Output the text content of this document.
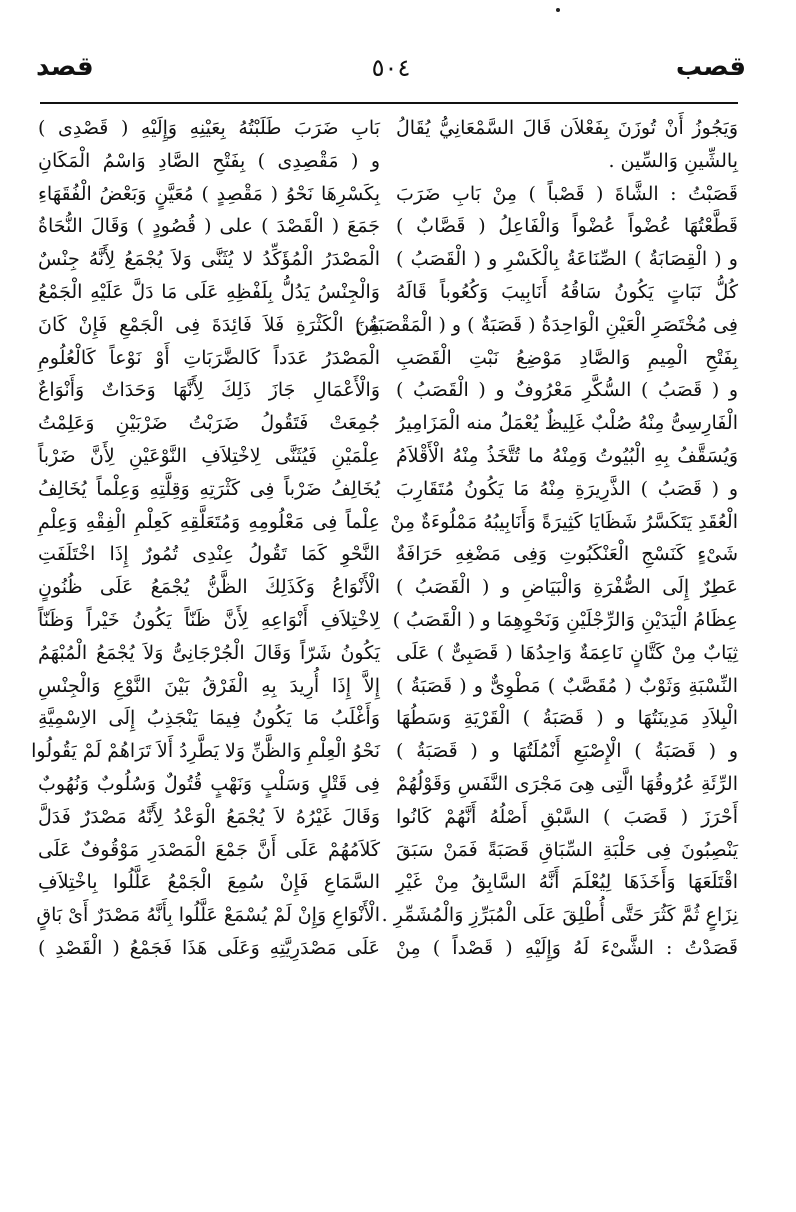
قصب
٥٠٤
قصد
وَيَجُوزُ أَنْ تُوزَنَ بِفَعْلاَن قَالَ السَّمْعَانِيُّ يُقَالُ
بِالشِّينِ وَالسِّين .
قَصَبْتُ : الشَّاةَ ( قَصْباً ) مِنْ بَابِ ضَرَبَ
قَطَّعْتُهَا عُضْواً عُضْواً وَالْفَاعِلُ ( قَصَّابٌ )
و ( الْقِصَابَةُ ) الصِّنَاعَةُ بِالْكَسْرِ و ( الْقَصَبُ )
كُلُّ نَبَاتٍ يَكُونُ سَاقُهُ أَنَابِيبَ وَكُعُوباً قَالَهُ
فِى مُخْتَصَرِ الْعَيْنِ الْوَاحِدَةُ ( قَصَبَةٌ ) و ( الْمَقْصَبَةُ )
بِفَتْحِ الْمِيمِ وَالصَّادِ مَوْضِعُ نَبْتِ الْقَصَبِ
و ( قَصَبُ ) السُّكَّرِ مَعْرُوفٌ و ( الْقَصَبُ )
الْفَارِسِىُّ مِنْهُ صُلْبٌ غَلِيظٌ يُعْمَلُ منه الْمَزَامِيرُ
وَيُسَقَّفُ بِهِ الْبُيُوتُ وَمِنْهُ ما تُتَّخَذُ مِنْهُ الْأَقْلاَمُ
و ( قَصَبُ ) الذَّرِيرَةِ مِنْهُ مَا يَكُونُ مُتَقَارِبَ
الْعُقَدِ يَتَكَسَّرُ شَظَايَا كَثِيرَةً وَأَنَابِيبُهُ مَمْلُوءَةٌ مِنْ
شَىْءٍ كَنَسْجِ الْعَنْكَبُوتِ وَفِى مَضْغِهِ حَرَافَةٌ
عَطِرٌ إِلَى الصُّفْرَةِ وَالْبَيَاضِ و ( الْقَصَبُ )
عِظَامُ الْيَدَيْنِ وَالرِّجْلَيْنِ وَنَحْوِهِمَا و ( الْقَصَبُ )
ثِيَابٌ مِنْ كَتَّانٍ نَاعِمَةٌ وَاحِدُهَا ( قَصَبِىٌّ ) عَلَى
النِّسْبَةِ وَثَوْبٌ ( مُقَصَّبٌ ) مَطْوِىٌّ و ( قَصَبَةُ )
الْبِلاَدِ مَدِينَتُهَا و ( قَصَبَةُ ) الْقَرْيَةِ وَسَطُهَا
و ( قَصَبَةُ ) الْإِصْبَعِ أَنْمُلَتُهَا و ( قَصَبَةُ )
الرِّئَةِ عُرُوقُهَا الَّتِى هِىَ مَجْرَى النَّفَسِ وَقَوْلُهُمْ
أَحْرَزَ ( قَصَبَ ) السَّبْقِ أَصْلُهُ أَنَّهُمْ كَانُوا
يَنْصِبُونَ فِى حَلْبَةِ السِّبَاقِ قَصَبَةً فَمَنْ سَبَقَ
اقْتَلَعَهَا وَأَخَذَهَا لِيُعْلَمَ أَنَّهُ السَّابِقُ مِنْ غَيْرِ
نِزَاعٍ ثُمَّ كَثُرَ حَتَّى أُطْلِقَ عَلَى الْمُبَرِّزِ وَالْمُشَمِّرِ .
قَصَدْتُ : الشَّىْءَ لَهُ وَإِلَيْهِ ( قَصْداً ) مِنْ
بَابِ ضَرَبَ طَلَبْتُهُ بِعَيْنِهِ وَإِلَيْهِ ( قَصْدِى )
و ( مَقْصِدِى ) بِفَتْحِ الصَّادِ وَاسْمُ الْمَكَانِ
بِكَسْرِهَا نَحْوُ ( مَقْصِدٍ ) مُعَيَّنٍ وَبَعْضُ الْفُقَهَاءِ
جَمَعَ ( الْقَصْدَ ) على ( قُصُودٍ ) وَقَالَ النُّحَاةُ
الْمَصْدَرُ الْمُؤَكِّدُ لا يُثَنَّى وَلاَ يُجْمَعُ لِأَنَّهُ جِنْسٌ
وَالْجِنْسُ يَدُلُّ بِلَفْظِهِ عَلَى مَا دَلَّ عَلَيْهِ الْجَمْعُ
مِنَ الْكَثْرَةِ فَلاَ فَائِدَةَ فِى الْجَمْعِ فَإِنْ كَانَ
الْمَصْدَرُ عَدَداً كَالضَّرَبَاتِ أَوْ نَوْعاً كَالْعُلُومِ
وَالْأَعْمَالِ جَازَ ذَلِكَ لِأَنَّهَا وَحَدَاتٌ وَأَنْوَاعٌ
جُمِعَتْ فَتَقُولُ ضَرَبْتُ ضَرْبَيْنِ وَعَلِمْتُ
عِلْمَيْنِ فَيُثَنَّى لِاخْتِلاَفِ النَّوْعَيْنِ لِأَنَّ ضَرْباً
يُخَالِفُ ضَرْباً فِى كَثْرَتِهِ وَقِلَّتِهِ وَعِلْماً يُخَالِفُ
عِلْماً فِى مَعْلُومِهِ وَمُتَعَلَّقِهِ كَعِلْمِ الْفِقْهِ وَعِلْمِ
النَّحْوِ كَمَا تَقُولُ عِنْدِى تُمُورٌ إِذَا اخْتَلَفَتِ
الْأَنْوَاعُ وَكَذَلِكَ الظَّنُّ يُجْمَعُ عَلَى ظُنُونٍ
لِاخْتِلاَفِ أَنْوَاعِهِ لِأَنَّ ظَنّاً يَكُونُ خَيْراً وَظَنّاً
يَكُونُ شَرّاً وَقَالَ الْجُرْجَانِىُّ وَلاَ يُجْمَعُ الْمُبْهَمُ
إِلاَّ إِذَا أُرِيدَ بِهِ الْفَرْقُ بَيْنَ النَّوْعِ وَالْجِنْسِ
وَأَغْلَبُ مَا يَكُونُ فِيمَا يَنْجَذِبُ إِلَى الاِسْمِيَّةِ
نَحْوُ الْعِلْمِ وَالظَّنِّ وَلا يَطَّرِدُ أَلاَ تَرَاهُمْ لَمْ يَقُولُوا
فِى قَتْلٍ وَسَلْبٍ وَنَهْبٍ قُتُولٌ وَسُلُوبٌ وَنُهُوبٌ
وَقَالَ غَيْرُهُ لاَ يُجْمَعُ الْوَعْدُ لِأَنَّهُ مَصْدَرٌ فَدَلَّ
كَلاَمُهُمْ عَلَى أَنَّ جَمْعَ الْمَصْدَرِ مَوْقُوفٌ عَلَى
السَّمَاعِ فَإِنْ سُمِعَ الْجَمْعُ عَلَّلُوا بِاخْتِلاَفِ
الْأَنْوَاعِ وَإِنْ لَمْ يُسْمَعْ عَلَّلُوا بِأَنَّهُ مَصْدَرٌ أَىْ بَاقٍ
عَلَى مَصْدَرِيَّتِهِ وَعَلَى هَذَا فَجَمْعُ ( الْقَصْدِ )
